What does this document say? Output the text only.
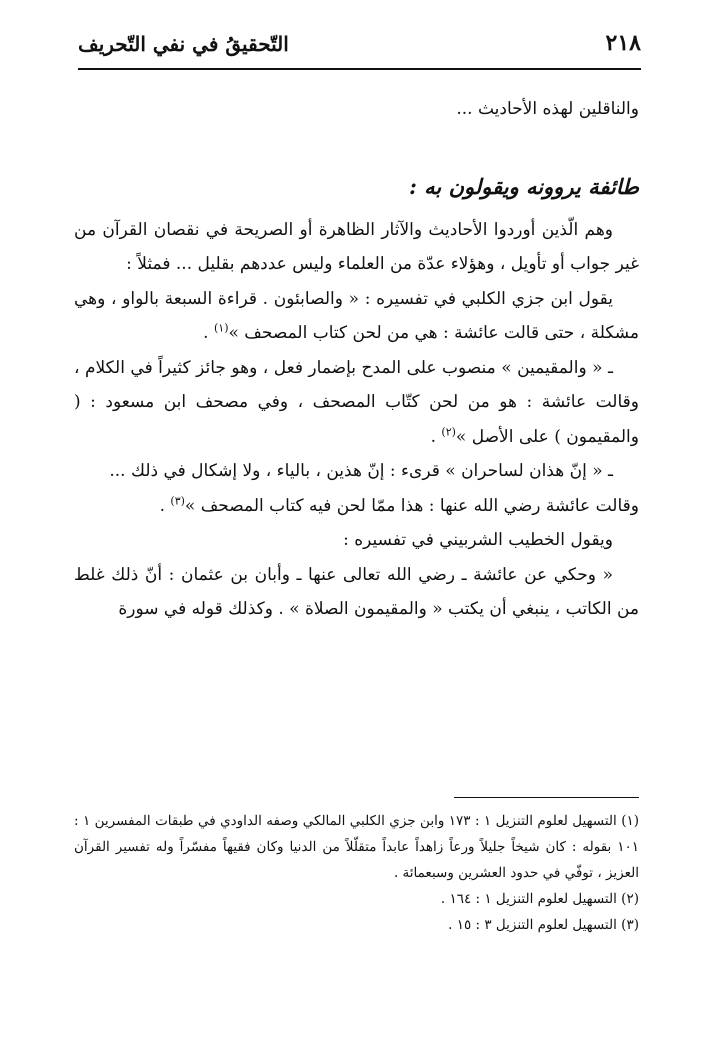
٢١٨
التّحقيقُ في نفي التّحريف

والناقلين لهذه الأحاديث ...

طائفة يروونه ويقولون به :

وهم الّذين أوردوا الأحاديث والآثار الظاهرة أو الصريحة في نقصان القرآن من غير جواب أو تأويل ، وهؤلاء عدّة من العلماء وليس عددهم بقليل ... فمثلاً :

يقول ابن جزي الكلبي في تفسيره : « والصابئون . قراءة السبعة بالواو ، وهي مشكلة ، حتى قالت عائشة : هي من لحن كتاب المصحف »$^{(١)}$ .

ـ « والمقيمين » منصوب على المدح بإضمار فعل ، وهو جائز كثيراً في الكلام ، وقالت عائشة : هو من لحن كتّاب المصحف ، وفي مصحف ابن مسعود : ( والمقيمون ) على الأصل »$^{(٢)}$ .

ـ « إنّ هذان لساحران » قرىء : إنّ هذين ، بالياء ، ولا إشكال في ذلك ...

وقالت عائشة رضي الله عنها : هذا ممّا لحن فيه كتاب المصحف »$^{(٣)}$ .

ويقول الخطيب الشربيني في تفسيره :

« وحكي عن عائشة ـ رضي الله تعالى عنها ـ وأبان بن عثمان : أنّ ذلك غلط من الكاتب ، ينبغي أن يكتب « والمقيمون الصلاة » . وكذلك قوله في سورة

(١) التسهيل لعلوم التنزيل ١ : ١٧٣ وابن جزي الكلبي المالكي وصفه الداودي في طبقات المفسرين ١ : ١٠١ بقوله : كان شيخاً جليلاً ورعاً زاهداً عابداً متقلّلاً من الدنيا وكان فقيهاً مفسّراً وله تفسير القرآن العزيز ، توفّي في حدود العشرين وسبعمائة .

(٢) التسهيل لعلوم التنزيل ١ : ١٦٤ .

(٣) التسهيل لعلوم التنزيل ٣ : ١٥ .
